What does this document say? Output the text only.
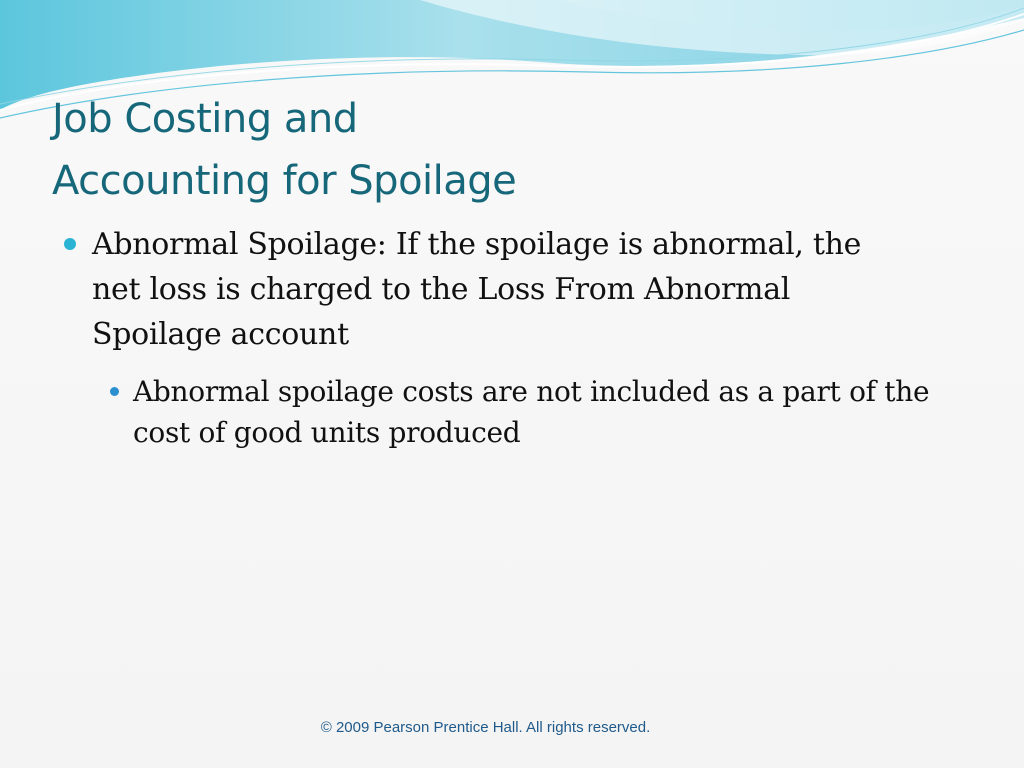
Job Costing and
Accounting for Spoilage
Abnormal Spoilage: If the spoilage is abnormal, the
net loss is charged to the Loss From Abnormal
Spoilage account
Abnormal spoilage costs are not included as a part of the
cost of good units produced
© 2009 Pearson Prentice Hall. All rights reserved.
